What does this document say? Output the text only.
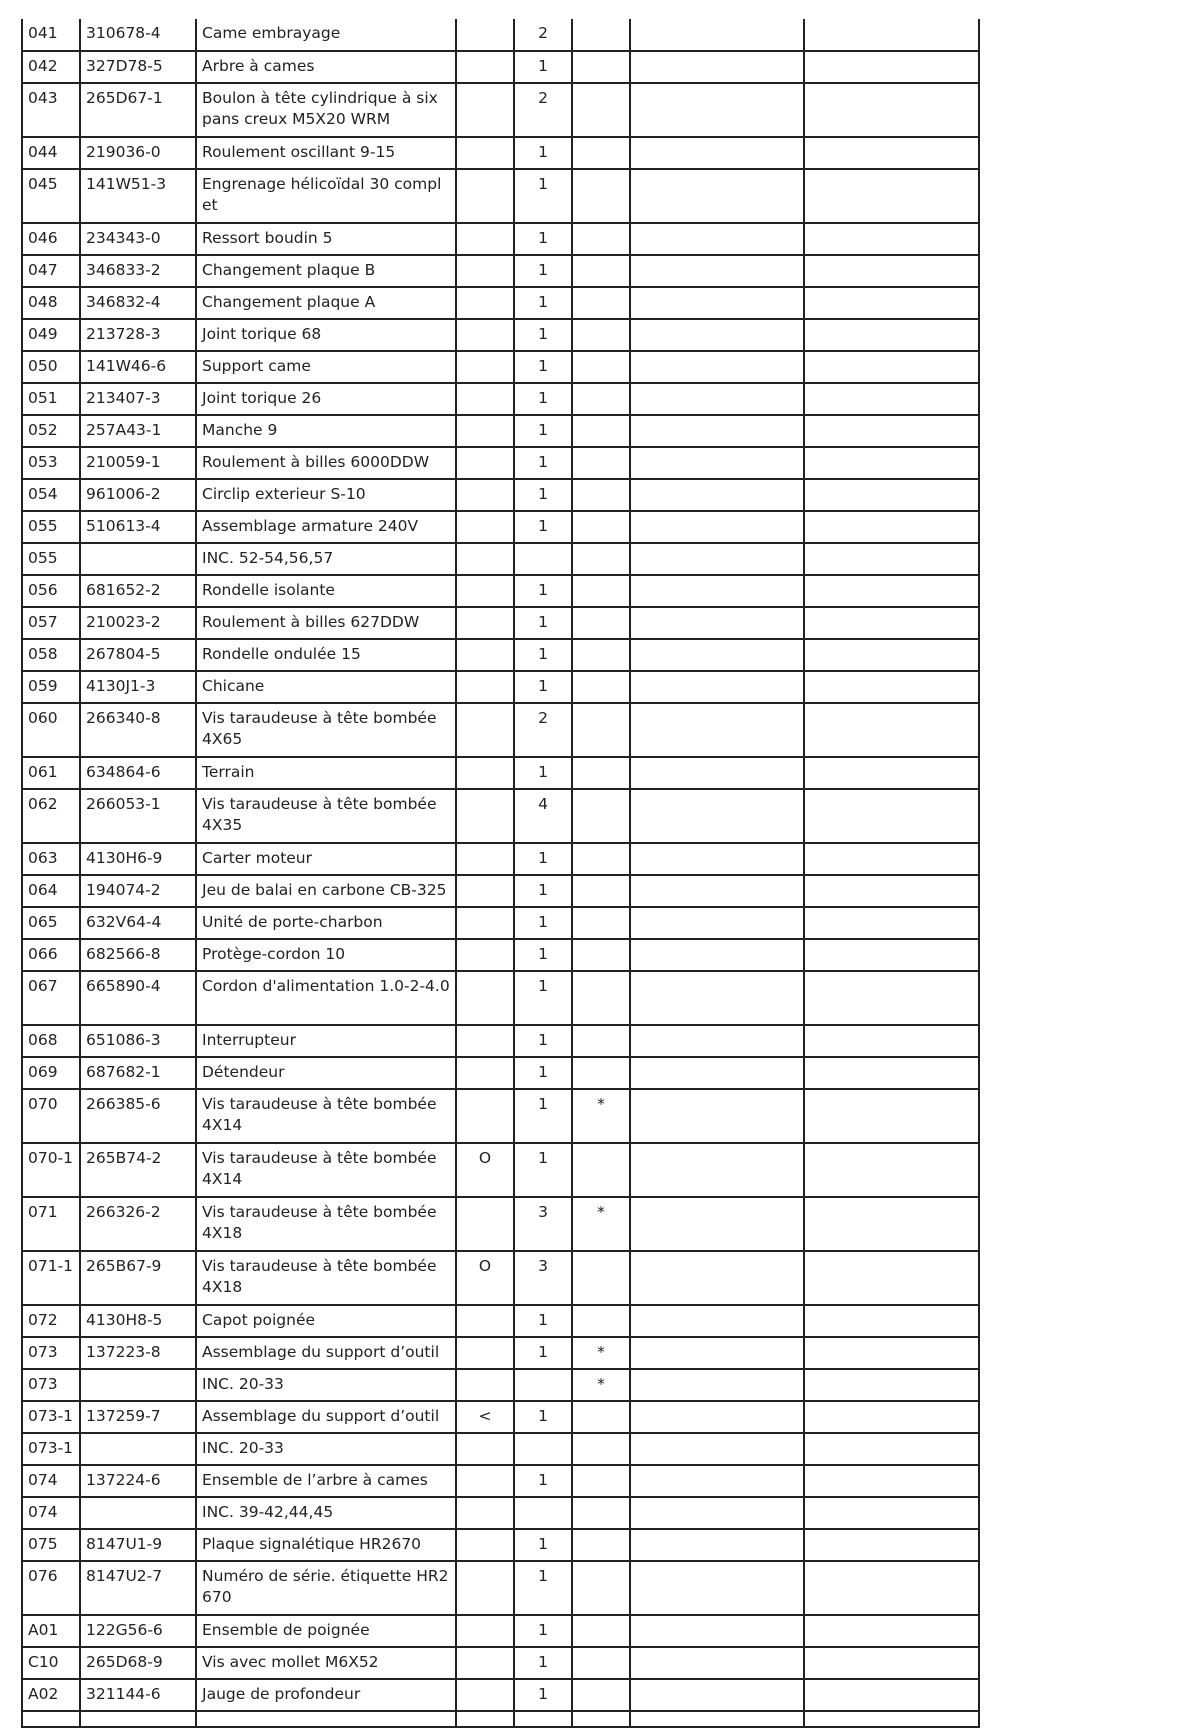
041	310678-4	Came embrayage		2			
042	327D78-5	Arbre à cames		1			
043	265D67-1	Boulon à tête cylindrique à six pans creux M5X20 WRM		2			
044	219036-0	Roulement oscillant 9-15		1			
045	141W51-3	Engrenage hélicoïdal 30 complet		1			
046	234343-0	Ressort boudin 5		1			
047	346833-2	Changement plaque B		1			
048	346832-4	Changement plaque A		1			
049	213728-3	Joint torique 68		1			
050	141W46-6	Support came		1			
051	213407-3	Joint torique 26		1			
052	257A43-1	Manche 9		1			
053	210059-1	Roulement à billes 6000DDW		1			
054	961006-2	Circlip exterieur S-10		1			
055	510613-4	Assemblage armature 240V		1			
055		INC. 52-54,56,57					
056	681652-2	Rondelle isolante		1			
057	210023-2	Roulement à billes 627DDW		1			
058	267804-5	Rondelle ondulée 15		1			
059	4130J1-3	Chicane		1			
060	266340-8	Vis taraudeuse à tête bombée 4X65		2			
061	634864-6	Terrain		1			
062	266053-1	Vis taraudeuse à tête bombée 4X35		4			
063	4130H6-9	Carter moteur		1			
064	194074-2	Jeu de balai en carbone CB-325		1			
065	632V64-4	Unité de porte-charbon		1			
066	682566-8	Protège-cordon 10		1			
067	665890-4	Cordon d'alimentation 1.0-2-4.0		1			
068	651086-3	Interrupteur		1			
069	687682-1	Détendeur		1			
070	266385-6	Vis taraudeuse à tête bombée 4X14		1	*		
070-1	265B74-2	Vis taraudeuse à tête bombée 4X14	O	1			
071	266326-2	Vis taraudeuse à tête bombée 4X18		3	*		
071-1	265B67-9	Vis taraudeuse à tête bombée 4X18	O	3			
072	4130H8-5	Capot poignée		1			
073	137223-8	Assemblage du support d’outil		1	*		
073		INC. 20-33			*		
073-1	137259-7	Assemblage du support d’outil	<	1			
073-1		INC. 20-33					
074	137224-6	Ensemble de l’arbre à cames		1			
074		INC. 39-42,44,45					
075	8147U1-9	Plaque signalétique HR2670		1			
076	8147U2-7	Numéro de série. étiquette HR2670		1			
A01	122G56-6	Ensemble de poignée		1			
C10	265D68-9	Vis avec mollet M6X52		1			
A02	321144-6	Jauge de profondeur		1			
